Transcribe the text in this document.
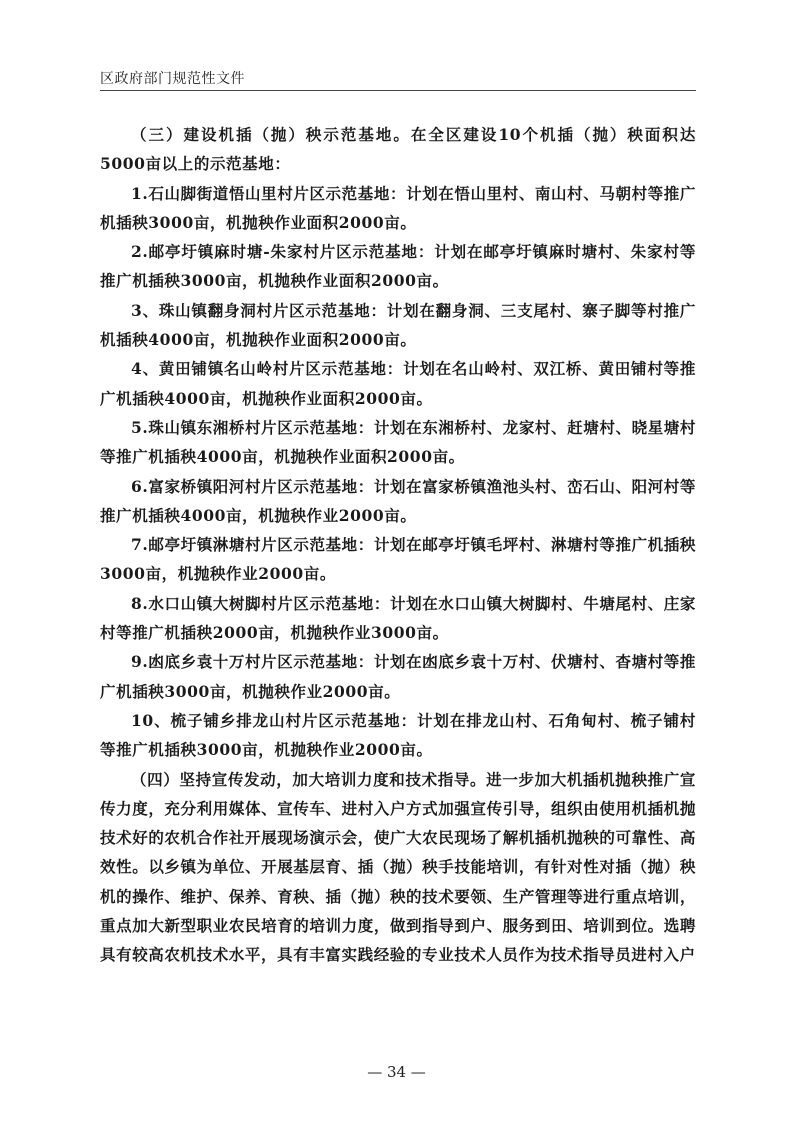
区政府部门规范性文件

（三）建设机插（抛）秧示范基地。在全区建设10个机插（抛）秧面积达5000亩以上的示范基地：

1.石山脚街道悟山里村片区示范基地：计划在悟山里村、南山村、马朝村等推广机插秧3000亩，机抛秧作业面积2000亩。

2.邮亭圩镇麻时塘-朱家村片区示范基地：计划在邮亭圩镇麻时塘村、朱家村等推广机插秧3000亩，机抛秧作业面积2000亩。

3、珠山镇翻身洞村片区示范基地：计划在翻身洞、三支尾村、寨子脚等村推广机插秧4000亩，机抛秧作业面积2000亩。

4、黄田铺镇名山岭村片区示范基地：计划在名山岭村、双江桥、黄田铺村等推广机插秧4000亩，机抛秧作业面积2000亩。

5.珠山镇东湘桥村片区示范基地：计划在东湘桥村、龙家村、赶塘村、晓星塘村等推广机插秧4000亩，机抛秧作业面积2000亩。

6.富家桥镇阳河村片区示范基地：计划在富家桥镇渔池头村、峦石山、阳河村等推广机插秧4000亩，机抛秧作业2000亩。

7.邮亭圩镇淋塘村片区示范基地：计划在邮亭圩镇毛坪村、淋塘村等推广机插秧3000亩，机抛秧作业2000亩。

8.水口山镇大树脚村片区示范基地：计划在水口山镇大树脚村、牛塘尾村、庄家村等推广机插秧2000亩，机抛秧作业3000亩。

9.凼底乡袁十万村片区示范基地：计划在凼底乡袁十万村、伏塘村、杳塘村等推广机插秧3000亩，机抛秧作业2000亩。

10、梳子铺乡排龙山村片区示范基地：计划在排龙山村、石角甸村、梳子铺村等推广机插秧3000亩，机抛秧作业2000亩。

（四）坚持宣传发动，加大培训力度和技术指导。进一步加大机插机抛秧推广宣传力度，充分利用媒体、宣传车、进村入户方式加强宣传引导，组织由使用机插机抛技术好的农机合作社开展现场演示会，使广大农民现场了解机插机抛秧的可靠性、高效性。以乡镇为单位、开展基层育、插（抛）秧手技能培训，有针对性对插（抛）秧机的操作、维护、保养、育秧、插（抛）秧的技术要领、生产管理等进行重点培训，重点加大新型职业农民培育的培训力度，做到指导到户、服务到田、培训到位。选聘具有较高农机技术水平，具有丰富实践经验的专业技术人员作为技术指导员进村入户

— 34 —
